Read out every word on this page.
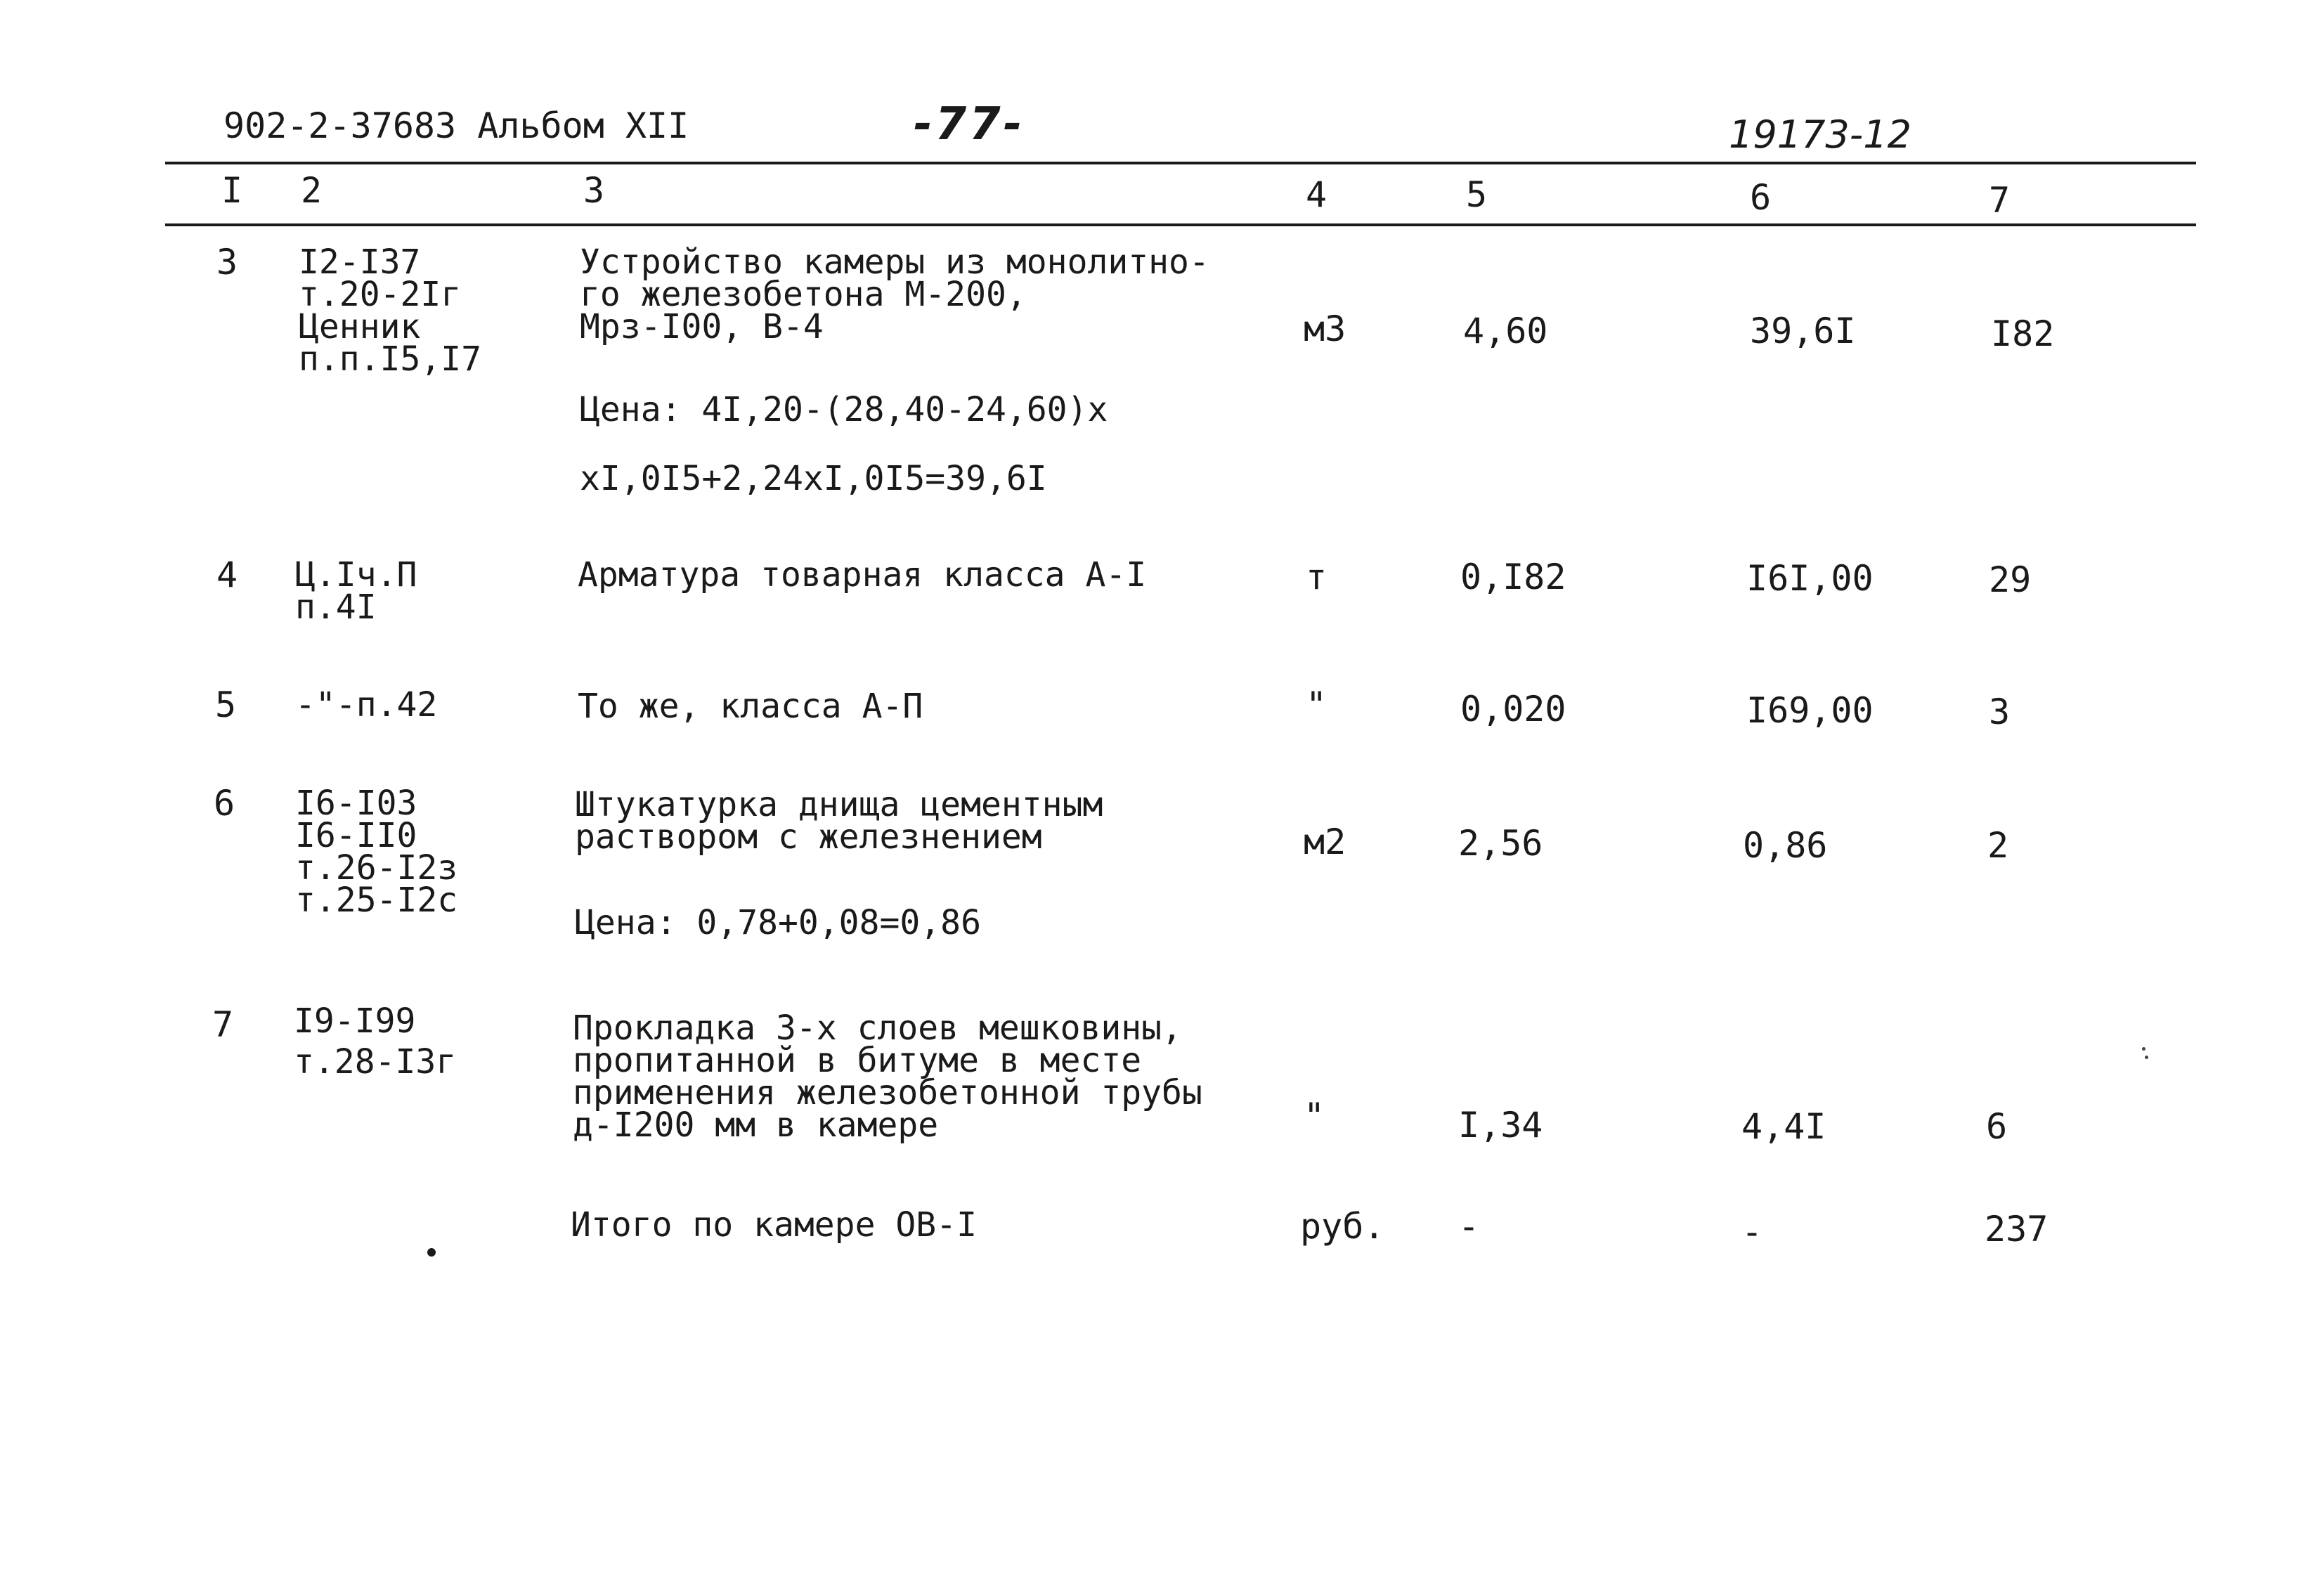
902-2-37683 Альбом XII	-77-	19173-12
I 2	3	4	5	6	7
3 I2-I37
т.20-2Iг
Ценник
п.п.I5,I7
Устройство камеры из монолитно-
го железобетона М-200,
Мрз-I00, В-4	м3	4,60	39,6I	I82
Цена: 4I,20-(28,40-24,60)х
хI,0I5+2,24хI,0I5=39,6I
4 Ц.Iч.П
п.4I
Арматура товарная класса А-I	т	0,I82	I6I,00	29
5 -"-п.42	То же, класса А-П	"	0,020	I69,00	3
6 I6-I03
I6-II0
т.26-I2з
т.25-I2с
Штукатурка днища цементным
раствором с железнением	м2	2,56	0,86	2
Цена: 0,78+0,08=0,86
7 I9-I99
т.28-I3г
Прокладка 3-х слоев мешковины,
пропитанной в битуме в месте
применения железобетонной трубы
д-I200 мм в камере	"	I,34	4,4I	6
Итого по камере ОВ-I	руб. -	-	237
